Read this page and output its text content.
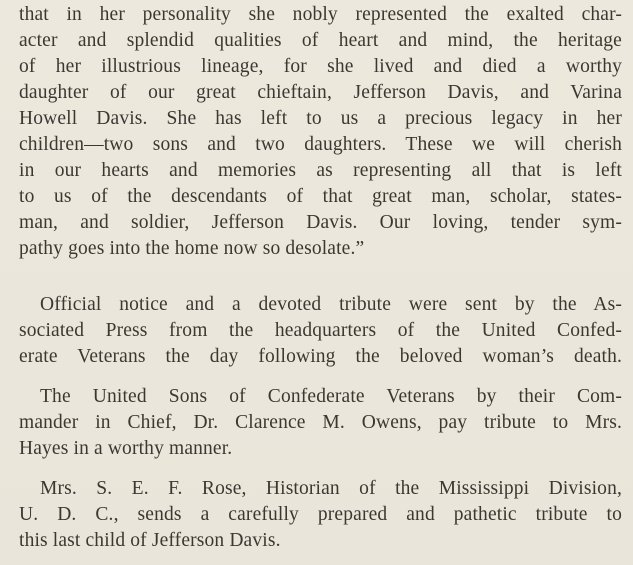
that in her personality she nobly represented the exalted char-
acter and splendid qualities of heart and mind, the heritage
of her illustrious lineage, for she lived and died a worthy
daughter of our great chieftain, Jefferson Davis, and Varina
Howell Davis. She has left to us a precious legacy in her
children—two sons and two daughters. These we will cherish
in our hearts and memories as representing all that is left
to us of the descendants of that great man, scholar, states-
man, and soldier, Jefferson Davis. Our loving, tender sym-
pathy goes into the home now so desolate.”
Official notice and a devoted tribute were sent by the As-
sociated Press from the headquarters of the United Confed-
erate Veterans the day following the beloved woman’s death.
The United Sons of Confederate Veterans by their Com-
mander in Chief, Dr. Clarence M. Owens, pay tribute to Mrs.
Hayes in a worthy manner.
Mrs. S. E. F. Rose, Historian of the Mississippi Division,
U. D. C., sends a carefully prepared and pathetic tribute to
this last child of Jefferson Davis.
